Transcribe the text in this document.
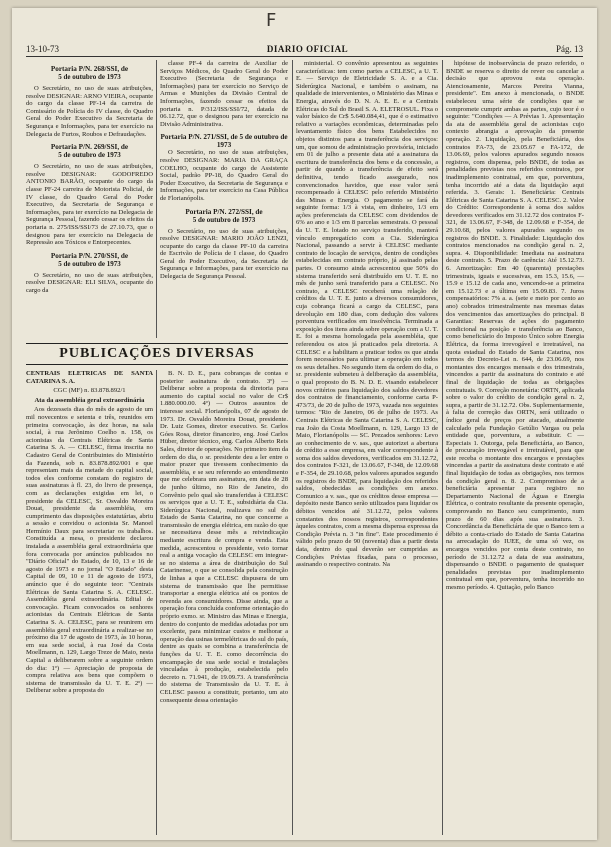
F
13-10-73	DIARIO OFICIAL	Pág. 13

Portaria P/N. 268/SSI, de

5 de outubro de 1973

O Secretário, no uso de suas atribuições, resolve DESIGNAR: ARNO VIEIRA, ocupante do cargo da classe PF-14 da carreira de Comissário de Polícia do IV classe, do Quadro Geral do Poder Executivo da Secretaria de Segurança e Informações, para ter exercício na Delegacia de Furtos, Roubos e Defraudações.

Portaria P/N. 269/SSI, de

5 de outubro de 1973

O Secretário, no uso de suas atribuições, resolve DESIGNAR: GODOFREDO ANTONIO BARÃO, ocupante do cargo da classe PF-24 carreira de Motorista Policial, de IV classe, do Quadro Geral do Poder Executivo, da Secretaria de Segurança e Informações, para ter exercício na Delegacia de Segurança Pessoal, fazendo cessar os efeitos da portaria n. 275/ISS/SSI/73 de 27.10.73, que o designou para ter exercício na Delegacia de Repressão aos Tóxicos e Entorpecentes.

Portaria P/N. 270/SSI, de

5 de outubro de 1973

O Secretário, no uso de suas atribuições, resolve DESIGNAR: ELI SILVA, ocupante do cargo da

classe PF-4 da carreira de Auxiliar de Serviços Médicos, do Quadro Geral do Poder Executivo (Secretaria de Segurança e Informações) para ter exercício no Serviço de Armas e Munições da Divisão Central de Informações, fazendo cessar os efeitos da portaria n. P/312/ISS/SSI/72, datada de 06.12.72, que o designou para ter exercício na Divisão Administrativa.

Portaria P/N. 271/SSI, de 5 de outubro de 1973

O Secretário, no uso de suas atribuições, resolve DESIGNAR: MARIA DA GRAÇA COELHO, ocupante do cargo de Assistente Social, padrão PP-18, do Quadro Geral do Poder Executivo, da Secretaria de Segurança e Informações, para ter exercício na Casa Pública de Florianópolis.

Portaria P/N. 272/SSI, de

5 de outubro de 1973

O Secretário, no uso de suas atribuições, resolve DESIGNAR: MARIO JOÃO LENZI, ocupante do cargo da classe PF-10 da carreira de Escrivão de Polícia de I classe, do Quadro Geral do Poder Executivo, da Secretaria de Segurança e Informações, para ter exercício na Delegacia de Segurança Pessoal.

PUBLICAÇÕES DIVERSAS

CENTRAIS ELETRICAS DE SANTA CATARINA S. A.

CGC (MF) n. 83.878.892/1

Ata da assembléia geral extraordinária

Aos dezesseis dias do mês de agosto de um mil novecentos e setenta e três, reunidos em primeira convocação, às dez horas, na sala social, à rua Jerônimo Coelho n. 158, os acionistas da Centrais Elétricas de Santa Catarina S. A. — CELESC, firma inscrita no Cadastro Geral de Contribuintes do Ministério da Fazenda, sob n. 83.878.892/001 e que representam mais da metade do capital social, todos eles conforme constam do registro de suas assinaturas à fl. 23, do livro de presença, com as declarações exigidas em lei, o presidente da CELESC, Sr. Osvaldo Moreira Douat, presidente da assembléia, em cumprimento das disposições estatutárias, abriu a sessão e convidou o acionista Sr. Manoel Hermínio Daux para secretariar os trabalhos. Constituída a mesa, o presidente declarou instalada a assembléia geral extraordinária que fora convocada por anúncios publicados no "Diário Oficial" do Estado, de 10, 13 e 16 de agosto de 1973 e no jornal "O Estado" desta Capital de 09, 10 e 11 de agosto de 1973, anúncio que é do seguinte teor: "Centrais Elétricas de Santa Catarina S. A. CELESC. Assembléia geral extraordinária. Edital de convocação. Ficam convocados os senhores acionistas da Centrais Elétricas de Santa Catarina S. A. CELESC, para se reunirem em assembléia geral extraordinária a realizar-se no próximo dia 17 de agosto de 1973, às 10 horas, em sua sede social, à rua José da Costa Moellmann, n. 129, Largo Treze de Maio, nesta Capital a deliberarem sobre a seguinte ordem do dia: 1º) — Apreciação de proposta de compra relativa aos bens que compõem o sistema de transmissão da U. T. E. 2º) — Deliberar sobre a proposta do

B. N. D. E., para cobranças de contas e posterior assinatura de contrato. 3º) — Deliberar sobre a proposta da diretoria para aumento do capital social no valor de Cr$ 1.880.000.00. 4º) — Outros assuntos de interesse social. Florianópolis, 07 de agosto de 1973. Dr. Osvaldo Moreira Douat, presidente. Dr. Luiz Gomes, diretor executivo. Sr. Carlos Góes Rosa, diretor financeiro, eng. José Carlos Hüber, diretor técnico, eng. Carlos Alberto Reis Sales, diretor de operações. No primeiro item da ordem do dia, o sr. presidente deu a ler entre o maior prazer que tivessem conhecimento da assembléia, e se seu referendo ao entendimento que me celebrara um assinatura, em data de 28 de junho último, no Rio de Janeiro, do Convênio pelo qual são transferidas à CELESC os serviços que a U. T. E., subsidiária da Cia. Siderúrgica Nacional, realizava no sul do Estado de Santa Catarina, no que concerne a transmissão de energia elétrica, em razão do que se necessitava desse mês a reivindicação mediante escritura de compra e venda. Esta medida, acrescentou o presidente, veio tornar real a antiga vocação da CELESC em integrar-se no sistema a área de distribuição do Sul Catarinense, o que se consolida pela construção de linhas a que a CELESC dispusera de um sistema de transmissão que lhe permitisse transportar a energia elétrica até os pontos de revenda aos consumidores. Disse ainda, que a operação fora concluída conforme orientação do próprio exmo. sr. Ministro das Minas e Energia, dentro do conjunto de medidas adotadas por um excelente, para minimizar custos e melhorar a operação das usinas termelétricas do sul do país, dentre as quais se combina a transferência de funções da U. T. E. como decorrência do encampação de sua sede social e instalações vinculadas à produção, estabelecida pelo decreto n. 71.941, de 19.09.73. A transferência do sistema de Transmissão da U. T. E. à CELESC passou a constituir, portanto, um ato consequente dessa orientação

ministerial. O convênio apresentou as seguintes características: tem como partes a CELESC, a U. T. E. — Serviço de Eletricidade S. A. e a Cia. Siderúrgica Nacional, e também o assinam, na qualidade de intervenientes, o Ministério das Minas e Energia, através do D. N. A. E. E. e a Centrais Elétricas do Sul do Brasil S. A. ELETROSUL. Fixa o valor básico de Cr$ 5.640.084,41, que é o estimativo relativo a variações econômicas, determinadas pelo levantamento físico dos bens Estabelecidos no objetos distintos para a transferência dos serviços: um, que somou de administração provisória, iniciado em 01 de julho a presente data até a assinatura da escritura de transferência dos bens e da concessão, a partir de quando a transferência de efeito será definitiva, tendo ficado assegurado, nos convencionados havidos, que esse valor será recompensado à CELESC pelo referido Ministério das Minas e Energia. O pagamento se fará da seguinte forma: 1/3 à vista, em dinheiro, 1/3 em ações preferenciais da CELESC com dividendos de 6% ao ano e 1/3 em 8 parcelas semestrais. O pessoal da U. T. E. lotado no serviço transferido, manterá vínculo empregatício com a Cia. Siderúrgica Nacional, passando a servir à CELESC mediante contrato de locação de serviços, dentro de condições estabelecidas em contrato próprio, já assinado pelas partes. O consumo ainda acrescentou que 50% do sistema transferido será distribuído em U. T. E. no mês de junho será transferido para a CELESC. No contrato, a CELESC receberá uma relação de créditos da U. T. E. junto a diversos consumidores, cuja cobrança ficará a cargo da CELESC, para devolução em 180 dias, com dedução dos valores porventura verificados em insolvência. Terminada a exposição dos itens ainda sobre operação com a U. T. E. foi a mesma homologada pela assembléia, que referendou os atos já praticados pela diretoria. A CELESC e a habilitam a praticar todos os que ainda forem necessários para ultimar a operação em todos os seus detalhes. No segundo item da ordem do dia, o sr. presidente submeteu à deliberação da assembléia, o qual proposto do B. N. D. E. visando estabelecer novos critérios para liquidação dos saldos devedores dos contratos de financiamento, conforme carta P-473/73, de 20 de julho de 1973, vazada nos seguintes termos: "Rio de Janeiro, 06 de julho de 1973. As Centrais Elétricas de Santa Catarina S. A. CELESC, rua João da Costa Moellmann, n. 129, Largo 13 de Maio, Florianópolis — SC. Prezados senhores: Levo ao conhecimento de v. sas., que autorizei a abertura de crédito a esse empresa, em valor correspondente à soma dos saldos devedores, verificados em 31.12.72, dos contratos F-321, de 13.06.67, F-348, de 12.09.68 e F-354, de 29.10.68, pelos valores apurados segundo os registros do BNDE, para liquidação dos referidos saldos, obedecidas as condições em anexo. Comunico a v. sas., que os créditos desse empresa — depósito neste Banco serão utilizados para liquidar os débitos vencidos até 31.12.72, pelos valores constantes dos nossos registros, correspondentes àqueles contratos, com a mesma dispensa expressa da Condição Prévia n. 3 "in fine". Este procedimento é válido pelo prazo de 90 (noventa) dias a partir desta data, dentro do qual deverão ser cumpridas as Condições Prévias fixadas, para o processo, assinando o respectivo contrato. Na

hipótese de inobservância de prazo referido, o BNDE se reserva o direito de rever ou cancelar a decisão que aprovou esta operação. Atenciosamente, Marcos Pereira Vianna, presidente". Em anexo à mencionada, o BNDE estabeleceu uma série de condições que se compromete cumprir ambas as partes, cujo teor é o seguinte: "Condições — A Prévias 1. Apresentação da ata de assembléia geral de acionistas cujo contexto abrangia a aprovação da presente operação. 2. Liquidação, pela Beneficiária, dos contratos FA-73, de 23.05.67 e FA-172, de 13.06.69, pelos valores apurados segundo nossos registros, com dispensa, pelo BNDE, de todas as penalidades previstas nos referidos contratos, por inadimplemento contratual, em que, porventura, tenha incorrido até a data da liquidação aqui referida. 3. Gerais: 1. Beneficiária: Centrais Elétricas de Santa Catarina S. A. CELESC. 2. Valor do Crédito: Correspondente à soma dos saldos devedores verificados em 31.12.72 dos contratos F-321, de 13.06.67, F-348, de 12.09.68 e F-354, de 29.10.68, pelos valores apurados segundo os registros do BNDE. 3. Finalidade: Liquidação dos contratos mencionados na condição geral n. 2, supra. 4. Disponibilidade: Imediata na assinatura deste contrato. 5. Prazo de carência: Até 15.12.73. 6. Amortização: Em 40 (quarenta) prestações trimestrais, iguais e sucessivas, em 15.3, 15.6, — 15.9 e 15.12 de cada ano, vencendo-se a primeira em 15.12.73 e a última em 15.09.83. 7. Juros compensatórios: 7% a. a. (sete e meio por cento ao ano) cobrados trimestralmente nas mesmas datas dos vencimentos das amortizações do principal. 8 Garantias: Reservas de ações do pagamento condicional na posição e transferência ao Banco, como beneficiário do Imposto Único sobre Energia Elétrica, da forma irrevogável e irretratável, na quota estadual do Estado de Santa Catarina, nos termos do Decreto-Lei n. 644, de 23.06.69, nos montantes dos encargos mensais e dos trimestrais, vincendos a partir da assinatura do contrato e até final de liquidação de todas as obrigações contratuais. 9. Correção monetária: ORTN, aplicada sobre o valor do crédito de condição geral n. 2, supra, a partir de 31.12.72. Obs. Suplementarmente, à falta de correção das ORTN, será utilizado o índice geral de preços por atacado, atualmente calculado pela Fundação Getúlio Vargas ou pela entidade que, porventura, a substituir. C — Especiais 1. Outorga, pela Beneficiária, ao Banco, de procuração irrevogável e irretratável, para que este receba o montante dos encargos e prestações vincendas a partir da assinatura deste contrato e até final liquidação de todas as obrigações, nos termos da condição geral n. 8. 2. Compromisso de a beneficiária apresentar para registro no Departamento Nacional de Águas e Energia Elétrica, o contrato resultante da presente operação, comprovando no Banco seu cumprimento, num prazo de 60 dias após sua assinatura. 3. Concordância da Beneficiária de que o Banco tem a débito a conta-criado do Estado de Santa Catarina na arrecadação do IUEE, de uma só vez, os encargos vencidos por conta deste contrato, no período de 31.12.72 a data de sua assinatura, dispensando o BNDE o pagamento de quaisquer penalidades previstas por inadimplemento contratual em que, porventura, tenha incorrido no mesmo período. 4. Quitação, pelo Banco
